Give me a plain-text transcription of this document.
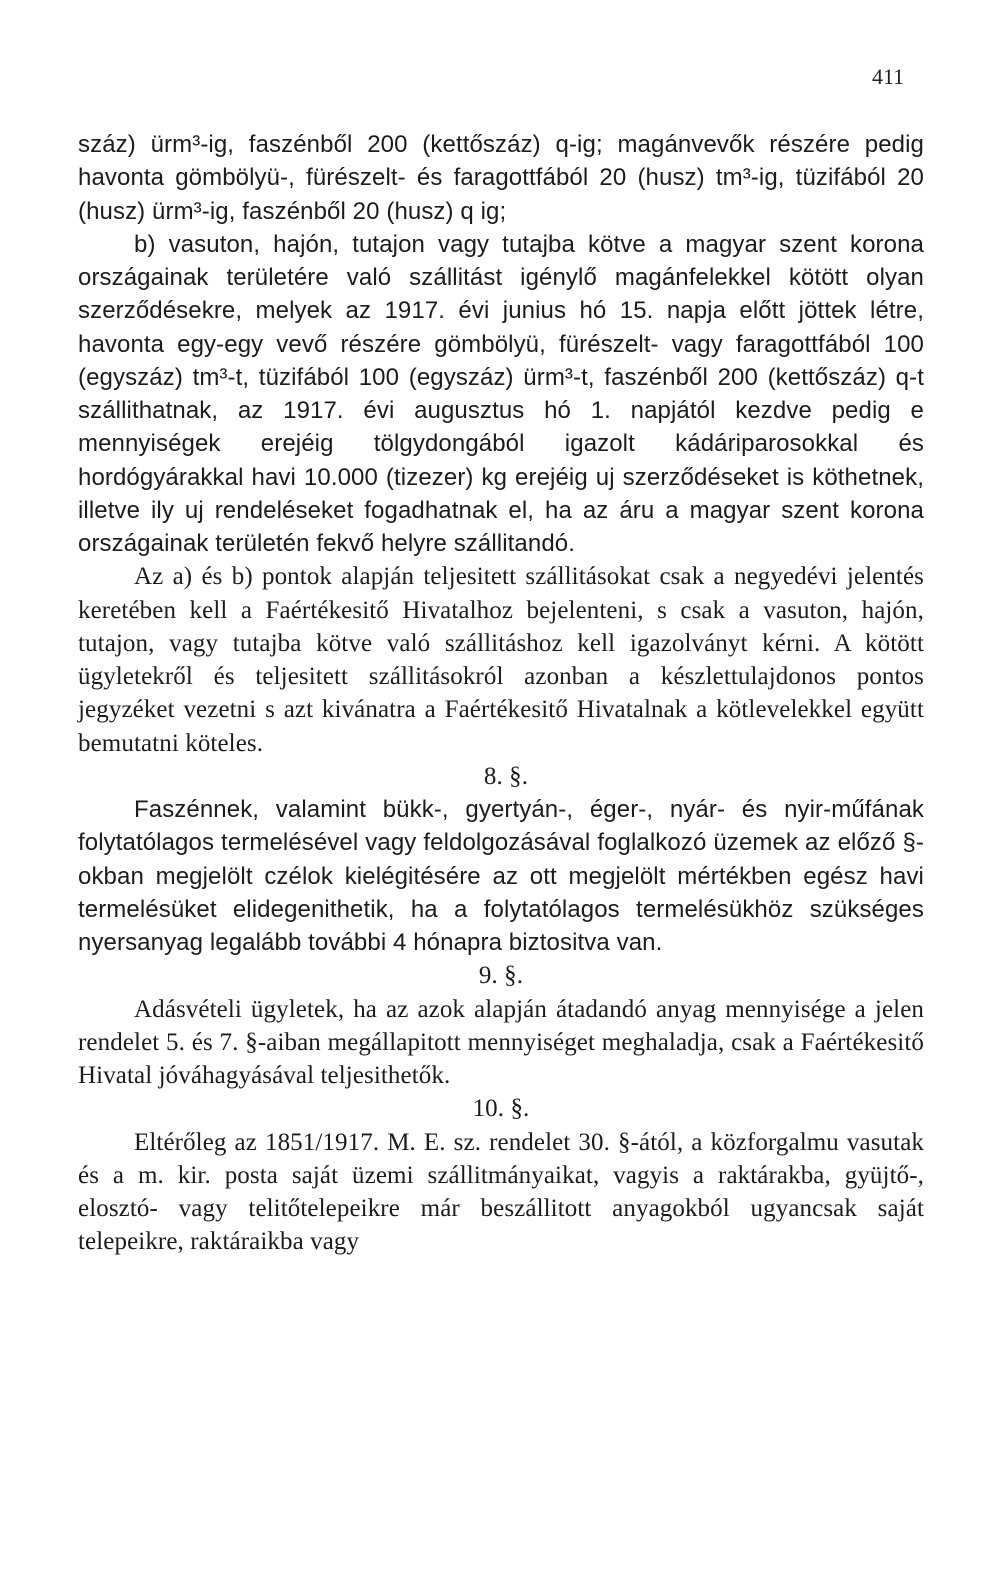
411

száz) ürm³-ig, faszénből 200 (kettőszáz) q-ig; magánvevők részére pedig havonta gömbölyü-, fürészelt- és faragottfából 20 (husz) tm³-ig, tüzifából 20 (husz) ürm³-ig, faszénből 20 (husz) q ig;

b) vasuton, hajón, tutajon vagy tutajba kötve a magyar szent korona országainak területére való szállitást igénylő magánfelekkel kötött olyan szerződésekre, melyek az 1917. évi junius hó 15. napja előtt jöttek létre, havonta egy-egy vevő részére gömbölyü, fürészelt- vagy faragottfából 100 (egyszáz) tm³-t, tüzifából 100 (egyszáz) ürm³-t, faszénből 200 (kettőszáz) q-t szállithatnak, az 1917. évi augusztus hó 1. napjától kezdve pedig e mennyiségek erejéig tölgydongából igazolt kádáriparosokkal és hordógyárakkal havi 10.000 (tizezer) kg erejéig uj szerződéseket is köthetnek, illetve ily uj rendeléseket fogadhatnak el, ha az áru a magyar szent korona országainak területén fekvő helyre szállitandó.

Az a) és b) pontok alapján teljesitett szállitásokat csak a negyedévi jelentés keretében kell a Faértékesitő Hivatalhoz bejelenteni, s csak a vasuton, hajón, tutajon, vagy tutajba kötve való szállitáshoz kell igazolványt kérni. A kötött ügyletekről és teljesitett szállitásokról azonban a készlettulajdonos pontos jegyzéket vezetni s azt kivánatra a Faértékesitő Hivatalnak a kötlevelekkel együtt bemutatni köteles.

8. §.

Faszénnek, valamint bükk-, gyertyán-, éger-, nyár- és nyir-műfának folytatólagos termelésével vagy feldolgozásával foglalkozó üzemek az előző §-okban megjelölt czélok kielégitésére az ott megjelölt mértékben egész havi termelésüket elidegenithetik, ha a folytatólagos termelésükhöz szükséges nyersanyag legalább további 4 hónapra biztositva van.

9. §.

Adásvételi ügyletek, ha az azok alapján átadandó anyag mennyisége a jelen rendelet 5. és 7. §-aiban megállapitott mennyiséget meghaladja, csak a Faértékesitő Hivatal jóváhagyásával teljesithetők.

10. §.

Eltérőleg az 1851/1917. M. E. sz. rendelet 30. §-ától, a közforgalmu vasutak és a m. kir. posta saját üzemi szállitmányaikat, vagyis a raktárakba, gyüjtő-, elosztó- vagy telitőtelepeikre már beszállitott anyagokból ugyancsak saját telepeikre, raktáraikba vagy
